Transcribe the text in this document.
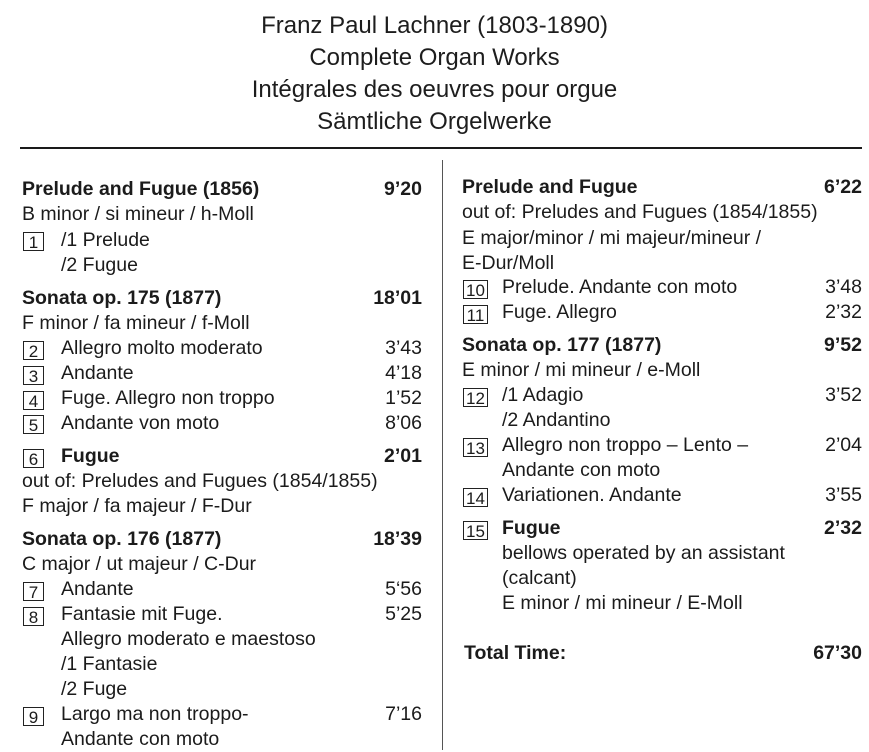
Franz Paul Lachner (1803-1890)
Complete Organ Works
Intégrales des oeuvres pour orgue
Sämtliche Orgelwerke
Prelude and Fugue (1856)	9’20
B minor / si mineur / h-Moll
1 /1 Prelude
/2 Fugue
Sonata op. 175 (1877)	18’01
F minor / fa mineur / f-Moll
2 Allegro molto moderato	3’43
3 Andante	4’18
4 Fuge. Allegro non troppo	1’52
5 Andante von moto	8’06
6 Fugue	2’01
out of: Preludes and Fugues (1854/1855)
F major / fa majeur / F-Dur
Sonata op. 176 (1877)	18’39
C major / ut majeur / C-Dur
7 Andante	5‘56
8 Fantasie mit Fuge.	5’25
Allegro moderato e maestoso
/1 Fantasie
/2 Fuge
9 Largo ma non troppo-	7’16
Andante con moto
Prelude and Fugue	6’22
out of: Preludes and Fugues (1854/1855)
E major/minor / mi majeur/mineur /
E-Dur/Moll
10 Prelude. Andante con moto	3’48
11 Fuge. Allegro	2’32
Sonata op. 177 (1877)	9’52
E minor / mi mineur / e-Moll
12 /1 Adagio	3’52
/2 Andantino
13 Allegro non troppo – Lento –	2’04
Andante con moto
14 Variationen. Andante	3’55
15 Fugue	2’32
bellows operated by an assistant
(calcant)
E minor / mi mineur / E-Moll
Total Time:	67’30
